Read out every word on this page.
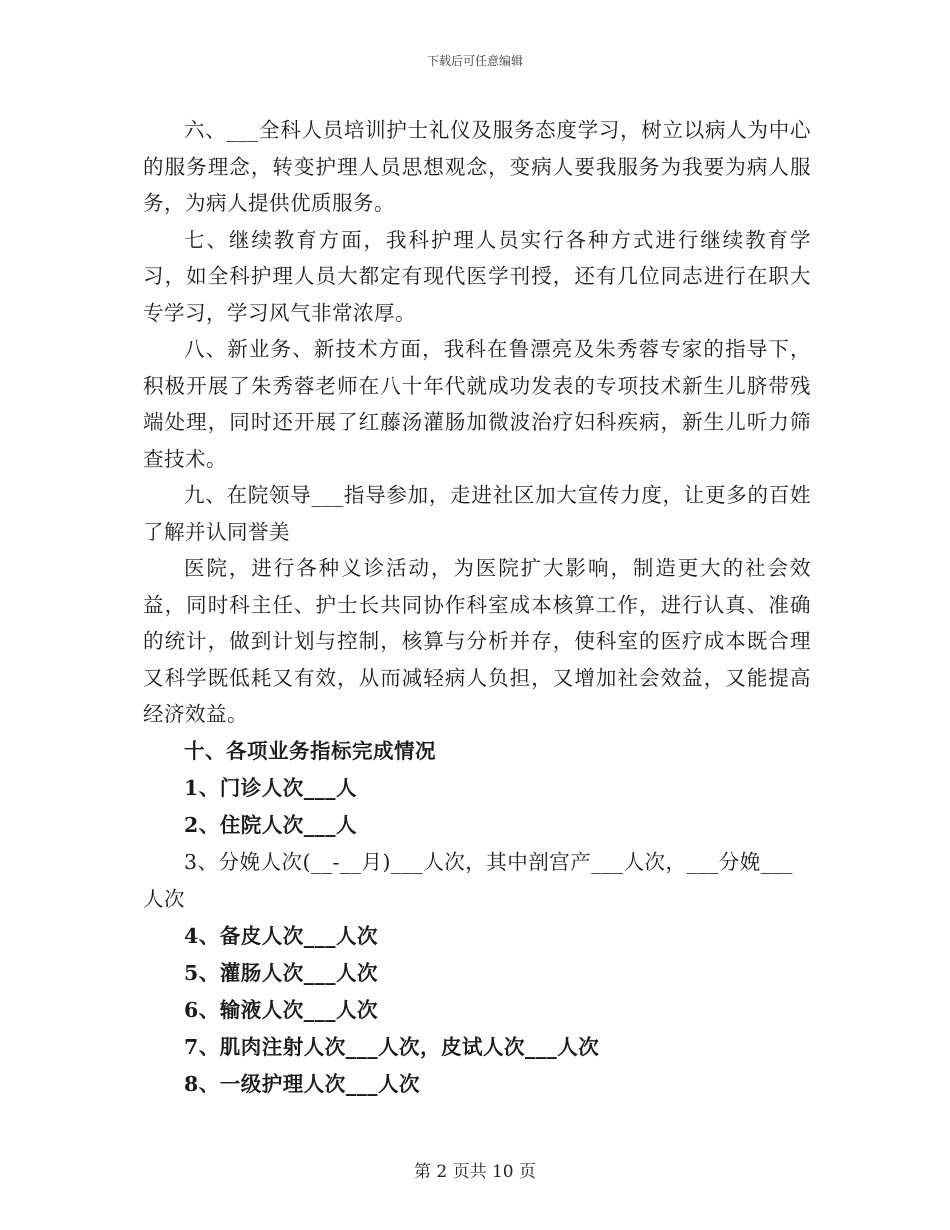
下载后可任意编辑

六、___全科人员培训护士礼仪及服务态度学习，树立以病人为中心的服务理念，转变护理人员思想观念，变病人要我服务为我要为病人服务，为病人提供优质服务。

七、继续教育方面，我科护理人员实行各种方式进行继续教育学习，如全科护理人员大都定有现代医学刊授，还有几位同志进行在职大专学习，学习风气非常浓厚。

八、新业务、新技术方面，我科在鲁漂亮及朱秀蓉专家的指导下，积极开展了朱秀蓉老师在八十年代就成功发表的专项技术新生儿脐带残端处理，同时还开展了红藤汤灌肠加微波治疗妇科疾病，新生儿听力筛查技术。

九、在院领导___指导参加，走进社区加大宣传力度，让更多的百姓了解并认同誉美

医院，进行各种义诊活动，为医院扩大影响，制造更大的社会效益，同时科主任、护士长共同协作科室成本核算工作，进行认真、准确的统计，做到计划与控制，核算与分析并存，使科室的医疗成本既合理又科学既低耗又有效，从而减轻病人负担，又增加社会效益，又能提高经济效益。

十、各项业务指标完成情况

1、门诊人次___人

2、住院人次___人

3、分娩人次(__-__月)___人次，其中剖宫产___人次，___分娩___人次

4、备皮人次___人次

5、灌肠人次___人次

6、输液人次___人次

7、肌肉注射人次___人次，皮试人次___人次

8、一级护理人次___人次

第 2 页共 10 页
